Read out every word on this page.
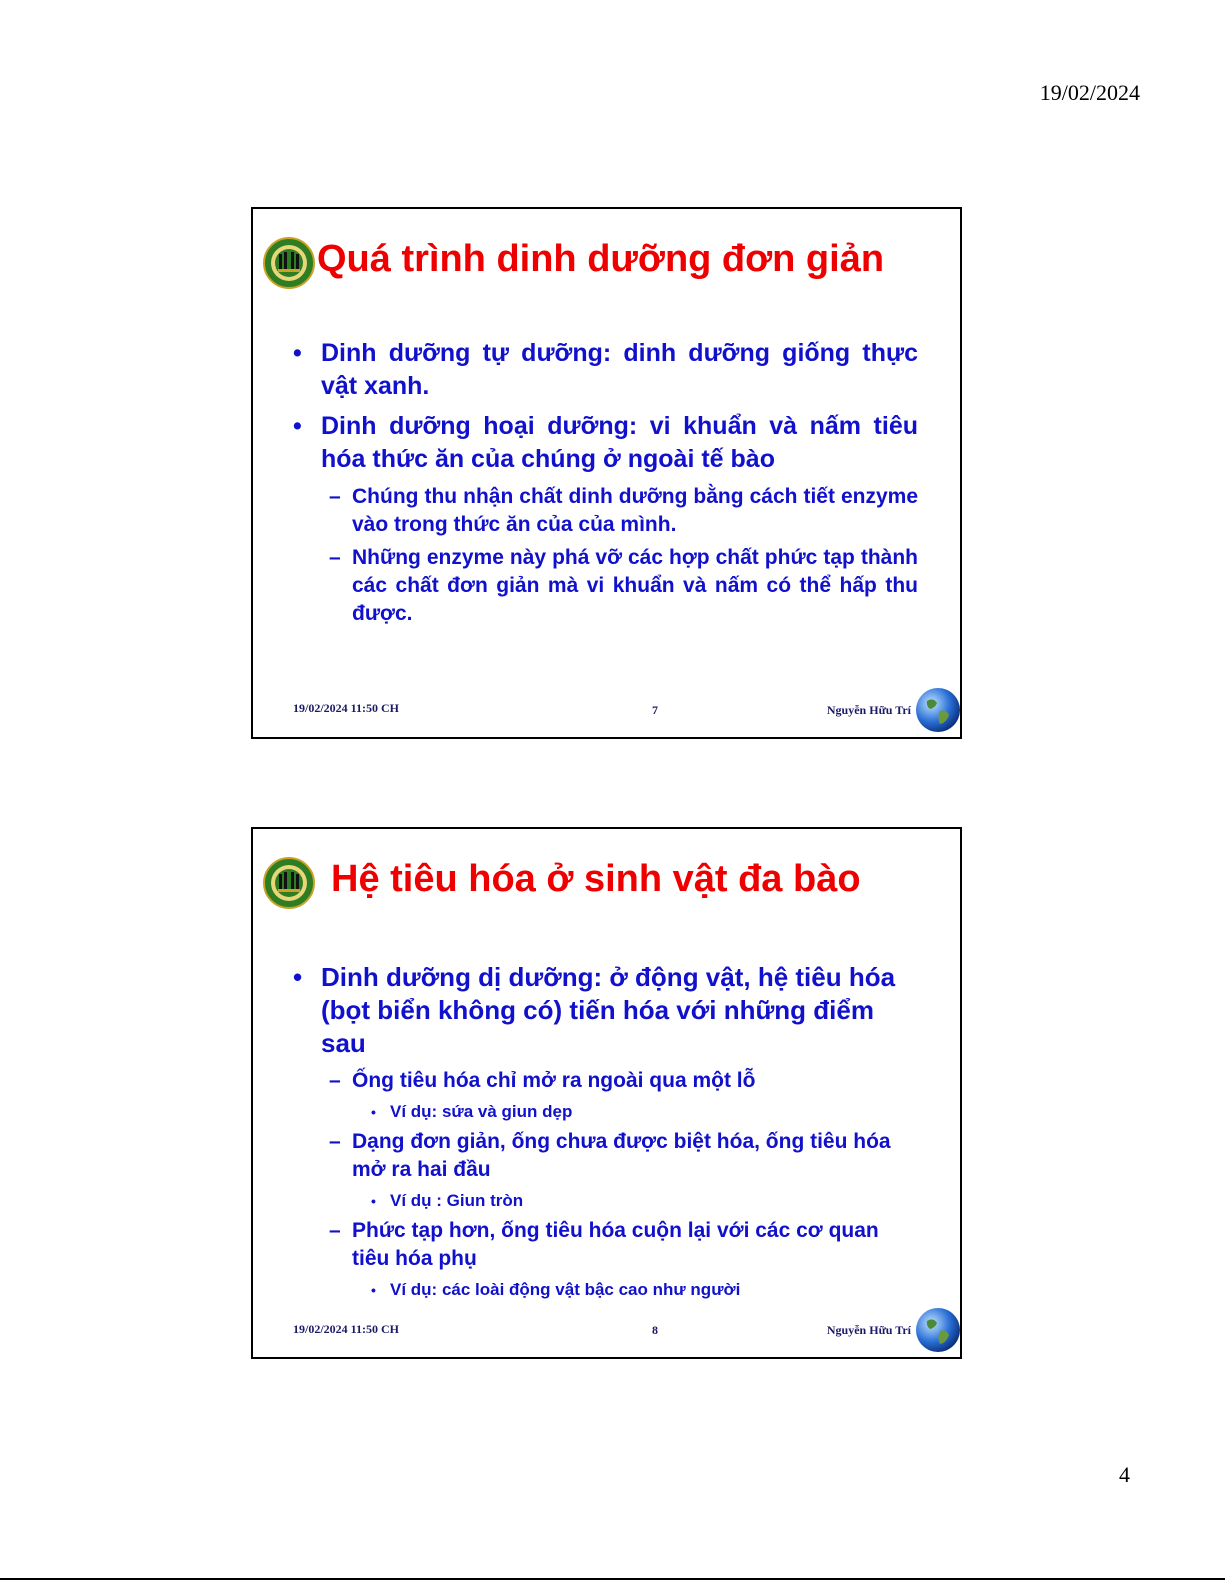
19/02/2024
Quá trình dinh dưỡng đơn giản
• Dinh dưỡng tự dưỡng: dinh dưỡng giống thực vật xanh.
• Dinh dưỡng hoại dưỡng: vi khuẩn và nấm tiêu hóa thức ăn của chúng ở ngoài tế bào
– Chúng thu nhận chất dinh dưỡng bằng cách tiết enzyme vào trong thức ăn của của mình.
– Những enzyme này phá vỡ các hợp chất phức tạp thành các chất đơn giản mà vi khuẩn và nấm có thể hấp thu được.
19/02/2024 11:50 CH	7	Nguyễn Hữu Trí
Hệ tiêu hóa ở sinh vật đa bào
• Dinh dưỡng dị dưỡng: ở động vật, hệ tiêu hóa (bọt biển không có) tiến hóa với những điểm sau
– Ống tiêu hóa chỉ mở ra ngoài qua một lỗ
• Ví dụ: sứa và giun dẹp
– Dạng đơn giản, ống chưa được biệt hóa, ống tiêu hóa mở ra hai đầu
• Ví dụ : Giun tròn
– Phức tạp hơn, ống tiêu hóa cuộn lại với các cơ quan tiêu hóa phụ
• Ví dụ: các loài động vật bậc cao như người
19/02/2024 11:50 CH	8	Nguyễn Hữu Trí
4
